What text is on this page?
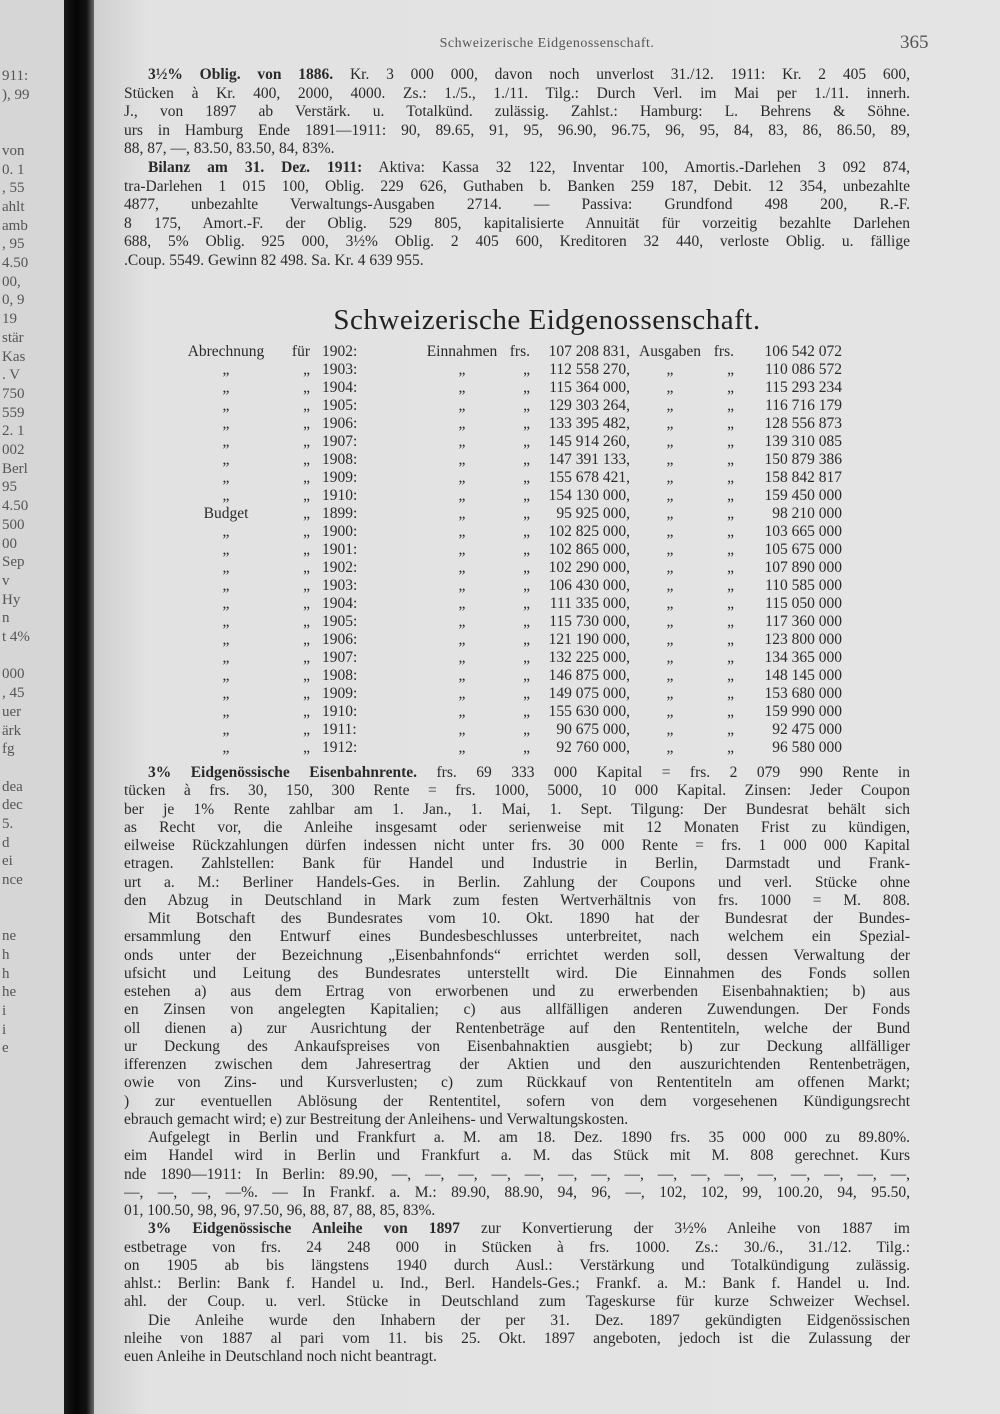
911:
), 99
von
0. 1
, 55
ahlt
amb
, 95
4.50
00,
0, 9
19
stär
Kas
. V
750
559
2. 1
002
Berl
95
4.50
500
00
Sep
v
Hy
n
t 4%
000
, 45
uer
ärk
fg
dea
dec
5.
d
ei
nce
ne
h
h
he
i
i
e
Schweizerische Eidgenossenschaft.	365
3½% Oblig. von 1886. Kr. 3 000 000, davon noch unverlost 31./12. 1911: Kr. 2 405 600,
Stücken à Kr. 400, 2000, 4000. Zs.: 1./5., 1./11. Tilg.: Durch Verl. im Mai per 1./11. innerh.
J., von 1897 ab Verstärk. u. Totalkünd. zulässig. Zahlst.: Hamburg: L. Behrens & Söhne.
urs in Hamburg Ende 1891—1911: 90, 89.65, 91, 95, 96.90, 96.75, 96, 95, 84, 83, 86, 86.50, 89,
88, 87, —, 83.50, 83.50, 84, 83%.
Bilanz am 31. Dez. 1911: Aktiva: Kassa 32 122, Inventar 100, Amortis.-Darlehen 3 092 874,
tra-Darlehen 1 015 100, Oblig. 229 626, Guthaben b. Banken 259 187, Debit. 12 354, unbezahlte
4877, unbezahlte Verwaltungs-Ausgaben 2714. — Passiva: Grundfond 498 200, R.-F.
8 175, Amort.-F. der Oblig. 529 805, kapitalisierte Annuität für vorzeitig bezahlte Darlehen
688, 5% Oblig. 925 000, 3½% Oblig. 2 405 600, Kreditoren 32 440, verloste Oblig. u. fällige
.Coup. 5549. Gewinn 82 498. Sa. Kr. 4 639 955.
Schweizerische Eidgenossenschaft.
Abrechnung	für 1902:	Einnahmen frs.	107 208 831, Ausgaben frs.	106 542 072
„	„ 1903:	„	„	112 558 270,	„	„	110 086 572
„	„ 1904:	„	„	115 364 000,	„	„	115 293 234
„	„ 1905:	„	„	129 303 264,	„	„	116 716 179
„	„ 1906:	„	„	133 395 482,	„	„	128 556 873
„	„ 1907:	„	„	145 914 260,	„	„	139 310 085
„	„ 1908:	„	„	147 391 133,	„	„	150 879 386
„	„ 1909:	„	„	155 678 421,	„	„	158 842 817
„	„ 1910:	„	„	154 130 000,	„	„	159 450 000
Budget	„ 1899:	„	„	95 925 000,	„	„	98 210 000
„	„ 1900:	„	„	102 825 000,	„	„	103 665 000
„	„ 1901:	„	„	102 865 000,	„	„	105 675 000
„	„ 1902:	„	„	102 290 000,	„	„	107 890 000
„	„ 1903:	„	„	106 430 000,	„	„	110 585 000
„	„ 1904:	„	„	111 335 000,	„	„	115 050 000
„	„ 1905:	„	„	115 730 000,	„	„	117 360 000
„	„ 1906:	„	„	121 190 000,	„	„	123 800 000
„	„ 1907:	„	„	132 225 000,	„	„	134 365 000
„	„ 1908:	„	„	146 875 000,	„	„	148 145 000
„	„ 1909:	„	„	149 075 000,	„	„	153 680 000
„	„ 1910:	„	„	155 630 000,	„	„	159 990 000
„	„ 1911:	„	„	90 675 000,	„	„	92 475 000
„	„ 1912:	„	„	92 760 000,	„	„	96 580 000
3% Eidgenössische Eisenbahnrente. frs. 69 333 000 Kapital = frs. 2 079 990 Rente in
tücken à frs. 30, 150, 300 Rente = frs. 1000, 5000, 10 000 Kapital. Zinsen: Jeder Coupon
ber je 1% Rente zahlbar am 1. Jan., 1. Mai, 1. Sept. Tilgung: Der Bundesrat behält sich
as Recht vor, die Anleihe insgesamt oder serienweise mit 12 Monaten Frist zu kündigen,
eilweise Rückzahlungen dürfen indessen nicht unter frs. 30 000 Rente = frs. 1 000 000 Kapital
etragen. Zahlstellen: Bank für Handel und Industrie in Berlin, Darmstadt und Frank-
urt a. M.: Berliner Handels-Ges. in Berlin. Zahlung der Coupons und verl. Stücke ohne
den Abzug in Deutschland in Mark zum festen Wertverhältnis von frs. 1000 = M. 808.
Mit Botschaft des Bundesrates vom 10. Okt. 1890 hat der Bundesrat der Bundes-
ersammlung den Entwurf eines Bundesbeschlusses unterbreitet, nach welchem ein Spezial-
onds unter der Bezeichnung „Eisenbahnfonds“ errichtet werden soll, dessen Verwaltung der
ufsicht und Leitung des Bundesrates unterstellt wird. Die Einnahmen des Fonds sollen
estehen a) aus dem Ertrag von erworbenen und zu erwerbenden Eisenbahnaktien; b) aus
en Zinsen von angelegten Kapitalien; c) aus allfälligen anderen Zuwendungen. Der Fonds
oll dienen a) zur Ausrichtung der Rentenbeträge auf den Rententiteln, welche der Bund
ur Deckung des Ankaufspreises von Eisenbahnaktien ausgiebt; b) zur Deckung allfälliger
ifferenzen zwischen dem Jahresertrag der Aktien und den auszurichtenden Rentenbeträgen,
owie von Zins- und Kursverlusten; c) zum Rückkauf von Rententiteln am offenen Markt;
) zur eventuellen Ablösung der Rententitel, sofern von dem vorgesehenen Kündigungsrecht
ebrauch gemacht wird; e) zur Bestreitung der Anleihens- und Verwaltungskosten.
Aufgelegt in Berlin und Frankfurt a. M. am 18. Dez. 1890 frs. 35 000 000 zu 89.80%.
eim Handel wird in Berlin und Frankfurt a. M. das Stück mit M. 808 gerechnet. Kurs
nde 1890—1911: In Berlin: 89.90, —, —, —, —, —, —, —, —, —, —, —, —, —, —, —, —,
—, —, —, —%. — In Frankf. a. M.: 89.90, 88.90, 94, 96, —, 102, 102, 99, 100.20, 94, 95.50,
01, 100.50, 98, 96, 97.50, 96, 88, 87, 88, 85, 83%.
3% Eidgenössische Anleihe von 1897 zur Konvertierung der 3½% Anleihe von 1887 im
estbetrage von frs. 24 248 000 in Stücken à frs. 1000. Zs.: 30./6., 31./12. Tilg.:
on 1905 ab bis längstens 1940 durch Ausl.: Verstärkung und Totalkündigung zulässig.
ahlst.: Berlin: Bank f. Handel u. Ind., Berl. Handels-Ges.; Frankf. a. M.: Bank f. Handel u. Ind.
ahl. der Coup. u. verl. Stücke in Deutschland zum Tageskurse für kurze Schweizer Wechsel.
Die Anleihe wurde den Inhabern der per 31. Dez. 1897 gekündigten Eidgenössischen
nleihe von 1887 al pari vom 11. bis 25. Okt. 1897 angeboten, jedoch ist die Zulassung der
euen Anleihe in Deutschland noch nicht beantragt.
